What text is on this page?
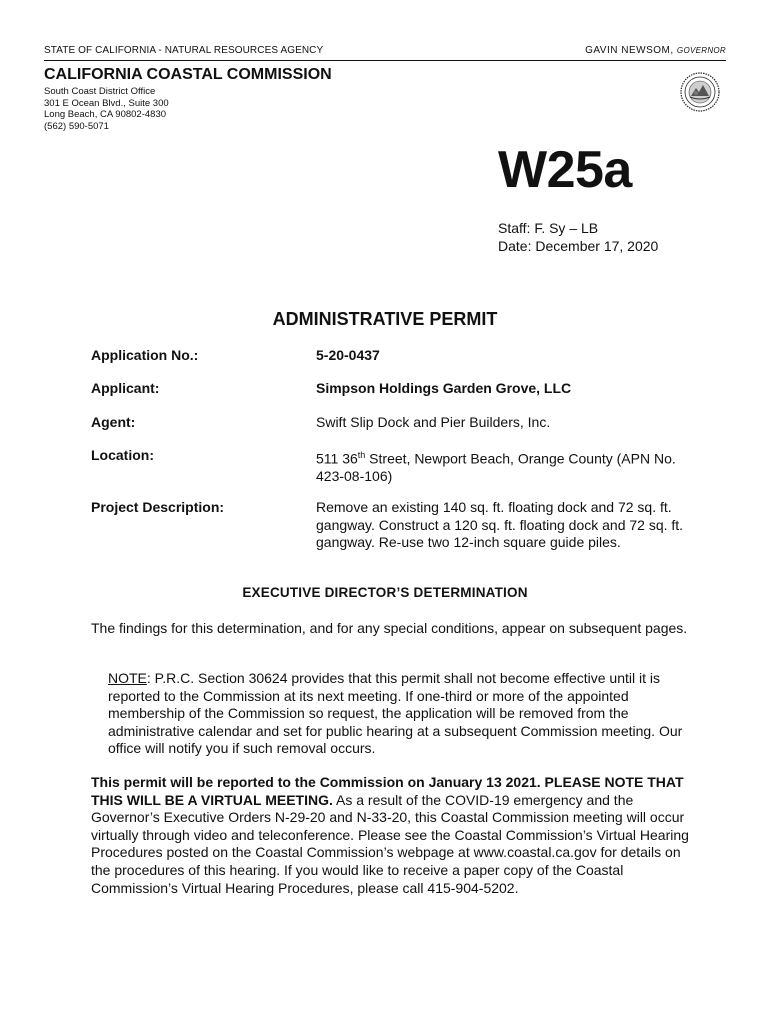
STATE OF CALIFORNIA - NATURAL RESOURCES AGENCY	GAVIN NEWSOM, GOVERNOR
CALIFORNIA COASTAL COMMISSION
South Coast District Office
301 E Ocean Blvd., Suite 300
Long Beach, CA 90802-4830
(562) 590-5071
W25a
Staff: F. Sy – LB
Date: December 17, 2020
ADMINISTRATIVE PERMIT
Application No.:	5-20-0437
Applicant:	Simpson Holdings Garden Grove, LLC
Agent:	Swift Slip Dock and Pier Builders, Inc.
Location:	511 36th Street, Newport Beach, Orange County (APN No. 423-08-106)
Project Description:	Remove an existing 140 sq. ft. floating dock and 72 sq. ft. gangway. Construct a 120 sq. ft. floating dock and 72 sq. ft. gangway. Re-use two 12-inch square guide piles.
EXECUTIVE DIRECTOR’S DETERMINATION
The findings for this determination, and for any special conditions, appear on subsequent pages.
NOTE: P.R.C. Section 30624 provides that this permit shall not become effective until it is reported to the Commission at its next meeting. If one-third or more of the appointed membership of the Commission so request, the application will be removed from the administrative calendar and set for public hearing at a subsequent Commission meeting. Our office will notify you if such removal occurs.
This permit will be reported to the Commission on January 13 2021. PLEASE NOTE THAT THIS WILL BE A VIRTUAL MEETING. As a result of the COVID-19 emergency and the Governor’s Executive Orders N-29-20 and N-33-20, this Coastal Commission meeting will occur virtually through video and teleconference. Please see the Coastal Commission’s Virtual Hearing Procedures posted on the Coastal Commission’s webpage at www.coastal.ca.gov for details on the procedures of this hearing. If you would like to receive a paper copy of the Coastal Commission’s Virtual Hearing Procedures, please call 415-904-5202.
